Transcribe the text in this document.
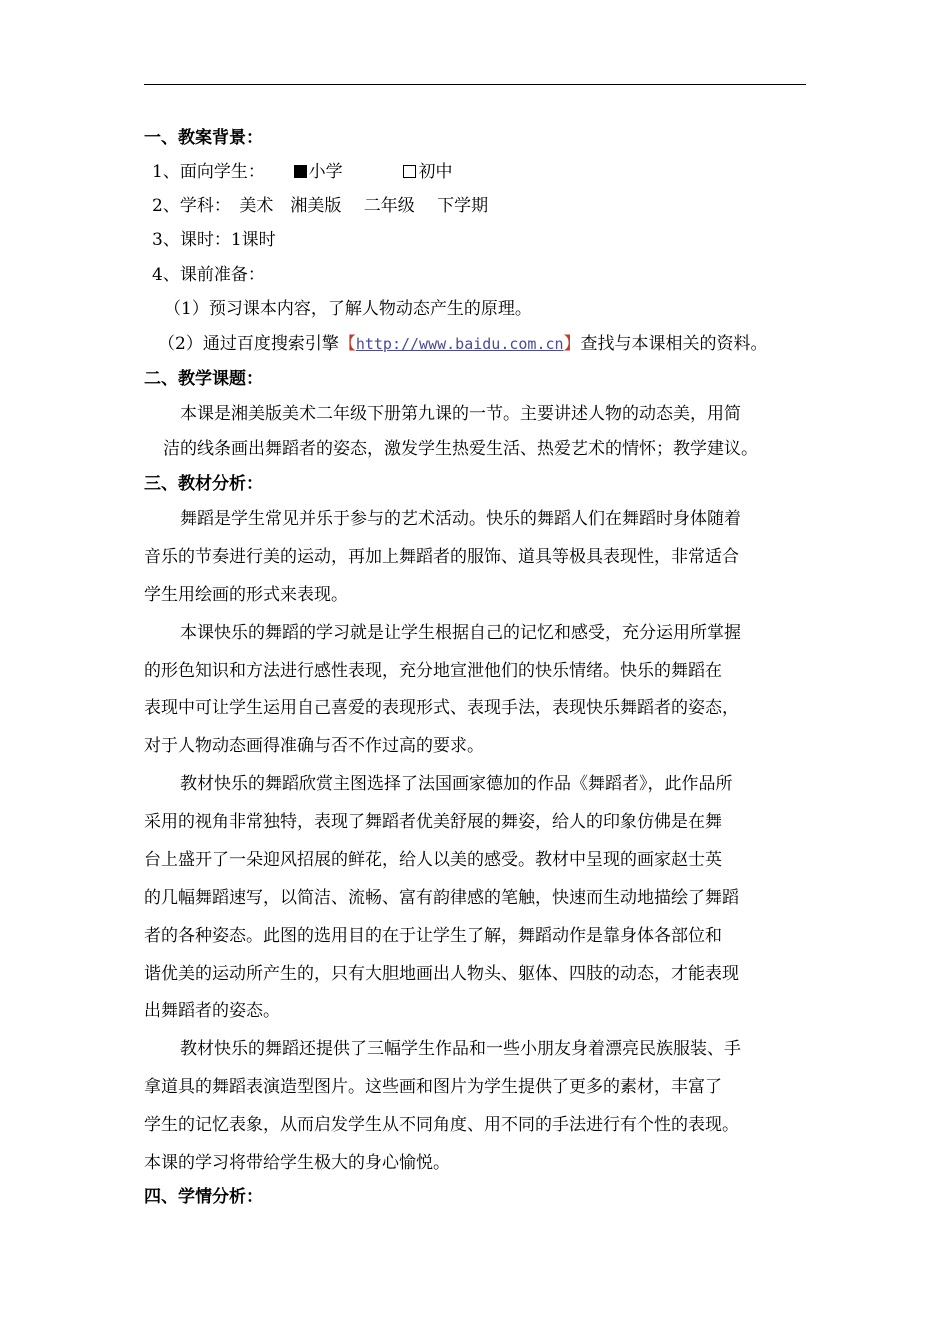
一、教案背景：
1、面向学生：	小学	初中
2、学科：　美术　湘美版　 二年级　 下学期
3、课时：1课时
4、课前准备：
（1）预习课本内容，了解人物动态产生的原理。
（2）通过百度搜索引擎【http://www.baidu.com.cn】查找与本课相关的资料。
二、教学课题：
本课是湘美版美术二年级下册第九课的一节。主要讲述人物的动态美，用简
洁的线条画出舞蹈者的姿态，激发学生热爱生活、热爱艺术的情怀；教学建议。
三、教材分析：
舞蹈是学生常见并乐于参与的艺术活动。快乐的舞蹈人们在舞蹈时身体随着
音乐的节奏进行美的运动，再加上舞蹈者的服饰、道具等极具表现性，非常适合
学生用绘画的形式来表现。
本课快乐的舞蹈的学习就是让学生根据自己的记忆和感受，充分运用所掌握
的形色知识和方法进行感性表现，充分地宣泄他们的快乐情绪。快乐的舞蹈在
表现中可让学生运用自己喜爱的表现形式、表现手法，表现快乐舞蹈者的姿态，
对于人物动态画得准确与否不作过高的要求。
教材快乐的舞蹈欣赏主图选择了法国画家德加的作品《舞蹈者》，此作品所
采用的视角非常独特，表现了舞蹈者优美舒展的舞姿，给人的印象仿佛是在舞
台上盛开了一朵迎风招展的鲜花，给人以美的感受。教材中呈现的画家赵士英
的几幅舞蹈速写，以简洁、流畅、富有韵律感的笔触，快速而生动地描绘了舞蹈
者的各种姿态。此图的选用目的在于让学生了解，舞蹈动作是靠身体各部位和
谐优美的运动所产生的，只有大胆地画出人物头、躯体、四肢的动态，才能表现
出舞蹈者的姿态。
教材快乐的舞蹈还提供了三幅学生作品和一些小朋友身着漂亮民族服装、手
拿道具的舞蹈表演造型图片。这些画和图片为学生提供了更多的素材，丰富了
学生的记忆表象，从而启发学生从不同角度、用不同的手法进行有个性的表现。
本课的学习将带给学生极大的身心愉悦。
四、学情分析：
